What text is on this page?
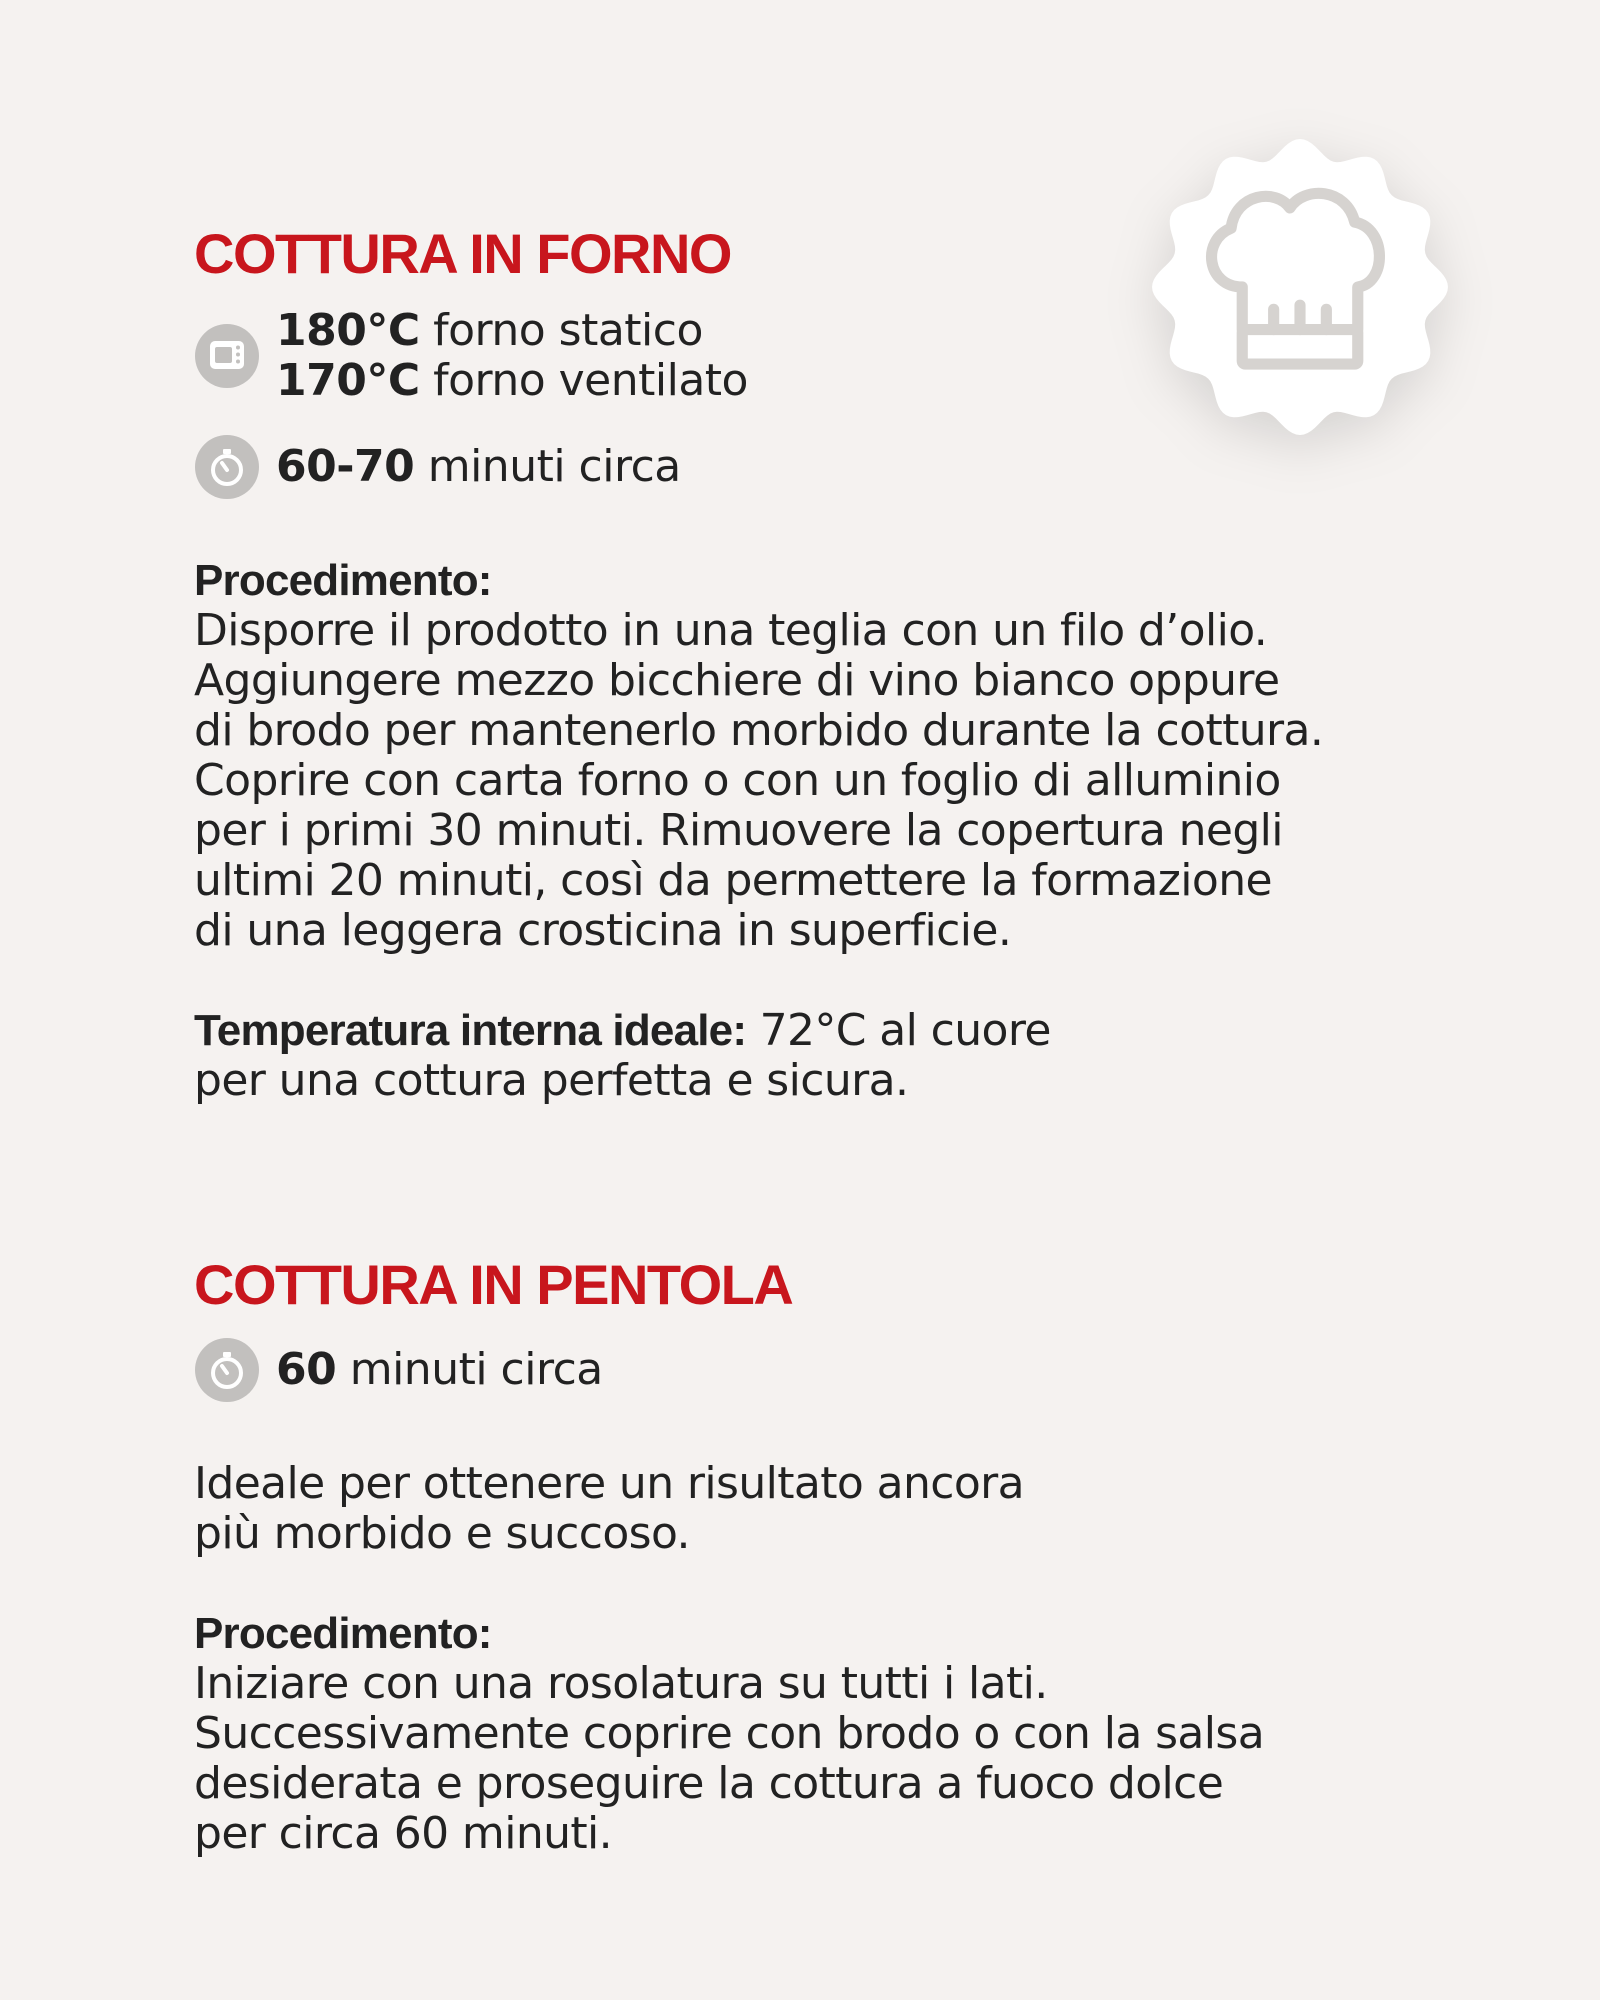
COTTURA IN FORNO
180°C forno statico
170°C forno ventilato
60-70 minuti circa
Procedimento:

Disporre il prodotto in una teglia con un filo d’olio.
Aggiungere mezzo bicchiere di vino bianco oppure
di brodo per mantenerlo morbido durante la cottura.
Coprire con carta forno o con un foglio di alluminio
per i primi 30 minuti. Rimuovere la copertura negli
ultimi 20 minuti, così da permettere la formazione
di una leggera crosticina in superficie.

Temperatura interna ideale: 72°C al cuore
per una cottura perfetta e sicura.

COTTURA IN PENTOLA
60 minuti circa

Ideale per ottenere un risultato ancora
più morbido e succoso.

Procedimento:

Iniziare con una rosolatura su tutti i lati.
Successivamente coprire con brodo o con la salsa
desiderata e proseguire la cottura a fuoco dolce
per circa 60 minuti.
